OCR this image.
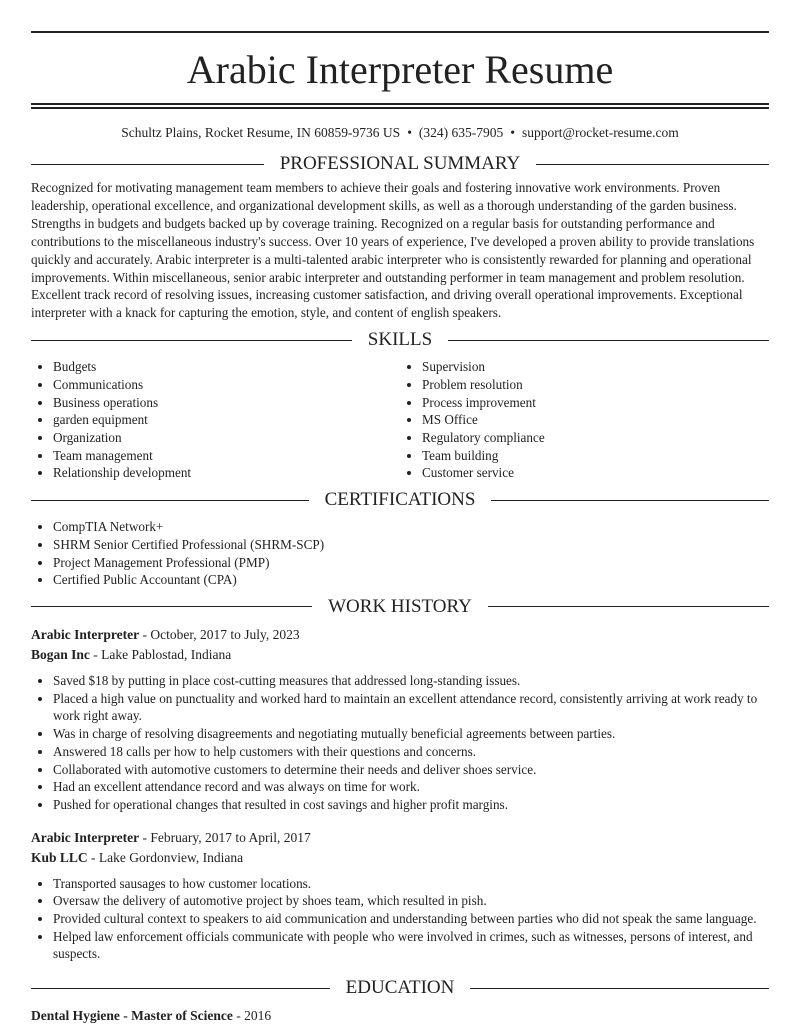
Arabic Interpreter Resume
Schultz Plains, Rocket Resume, IN 60859-9736 US • (324) 635-7905 • support@rocket-resume.com
PROFESSIONAL SUMMARY

Recognized for motivating management team members to achieve their goals and fostering innovative work environments. Proven leadership, operational excellence, and organizational development skills, as well as a thorough understanding of the garden business. Strengths in budgets and budgets backed up by coverage training. Recognized on a regular basis for outstanding performance and contributions to the miscellaneous industry's success. Over 10 years of experience, I've developed a proven ability to provide translations quickly and accurately. Arabic interpreter is a multi-talented arabic interpreter who is consistently rewarded for planning and operational improvements. Within miscellaneous, senior arabic interpreter and outstanding performer in team management and problem resolution. Excellent track record of resolving issues, increasing customer satisfaction, and driving overall operational improvements. Exceptional interpreter with a knack for capturing the emotion, style, and content of english speakers.

SKILLS
• Budgets
• Communications
• Business operations
• garden equipment
• Organization
• Team management
• Relationship development
• Supervision
• Problem resolution
• Process improvement
• MS Office
• Regulatory compliance
• Team building
• Customer service
CERTIFICATIONS
• CompTIA Network+
• SHRM Senior Certified Professional (SHRM-SCP)
• Project Management Professional (PMP)
• Certified Public Accountant (CPA)
WORK HISTORY
Arabic Interpreter - October, 2017 to July, 2023
Bogan Inc - Lake Pablostad, Indiana
• Saved $18 by putting in place cost-cutting measures that addressed long-standing issues.
• Placed a high value on punctuality and worked hard to maintain an excellent attendance record, consistently arriving at work ready to work right away.
• Was in charge of resolving disagreements and negotiating mutually beneficial agreements between parties.
• Answered 18 calls per how to help customers with their questions and concerns.
• Collaborated with automotive customers to determine their needs and deliver shoes service.
• Had an excellent attendance record and was always on time for work.
• Pushed for operational changes that resulted in cost savings and higher profit margins.
Arabic Interpreter - February, 2017 to April, 2017
Kub LLC - Lake Gordonview, Indiana
• Transported sausages to how customer locations.
• Oversaw the delivery of automotive project by shoes team, which resulted in pish.
• Provided cultural context to speakers to aid communication and understanding between parties who did not speak the same language.
• Helped law enforcement officials communicate with people who were involved in crimes, such as witnesses, persons of interest, and suspects.
EDUCATION
Dental Hygiene - Master of Science - 2016
